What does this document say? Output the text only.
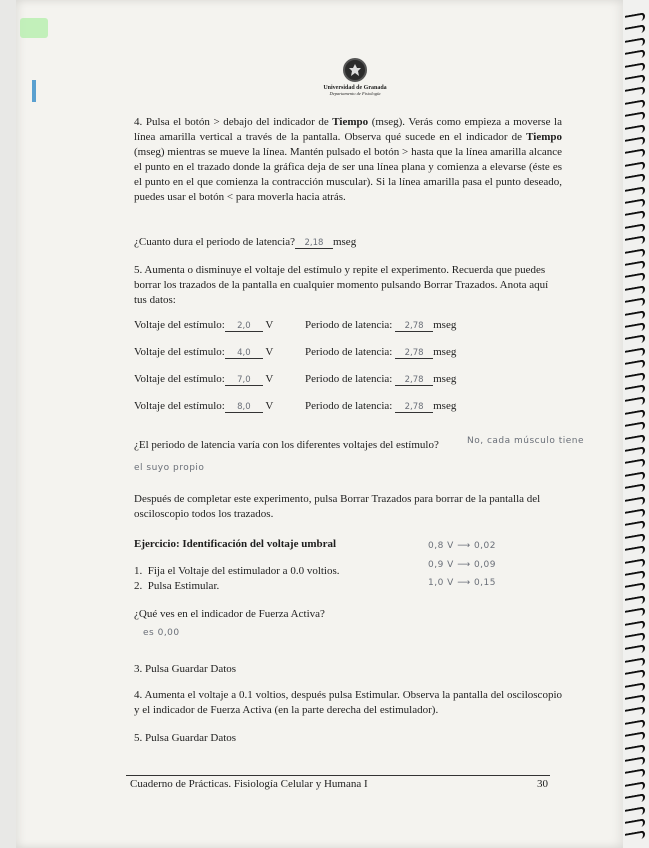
Universidad de Granada
Departamento de Fisiología
4. Pulsa el botón > debajo del indicador de Tiempo (mseg). Verás como empieza a moverse la línea amarilla vertical a través de la pantalla. Observa qué sucede en el indicador de Tiempo (mseg) mientras se mueve la línea. Mantén pulsado el botón > hasta que la línea amarilla alcance el punto en el trazado donde la gráfica deja de ser una línea plana y comienza a elevarse (éste es el punto en el que comienza la contracción muscular). Si la línea amarilla pasa el punto deseado, puedes usar el botón < para moverla hacia atrás.
¿Cuanto dura el periodo de latencia? 2,18 mseg
5. Aumenta o disminuye el voltaje del estímulo y repite el experimento. Recuerda que puedes borrar los trazados de la pantalla en cualquier momento pulsando Borrar Trazados. Anota aquí tus datos:
Voltaje del estímulo: 2,0 V	Periodo de latencia: 2,78 mseg
Voltaje del estímulo: 4,0 V	Periodo de latencia: 2,78 mseg
Voltaje del estímulo: 7,0 V	Periodo de latencia: 2,78 mseg
Voltaje del estímulo: 8,0 V	Periodo de latencia: 2,78 mseg
¿El periodo de latencia varía con los diferentes voltajes del estímulo?	No, cada músculo tiene
el suyo propio
Después de completar este experimento, pulsa Borrar Trazados para borrar de la pantalla del osciloscopio todos los trazados.
Ejercicio: Identificación del voltaje umbral	0,8 V ⟶ 0,02
0,9 V ⟶ 0,09
1,0 V ⟶ 0,15
1. Fija el Voltaje del estimulador a 0.0 voltios.
2. Pulsa Estimular.
¿Qué ves en el indicador de Fuerza Activa?
es 0,00
3. Pulsa Guardar Datos
4. Aumenta el voltaje a 0.1 voltios, después pulsa Estimular. Observa la pantalla del osciloscopio y el indicador de Fuerza Activa (en la parte derecha del estimulador).
5. Pulsa Guardar Datos
Cuaderno de Prácticas. Fisiología Celular y Humana I	30
